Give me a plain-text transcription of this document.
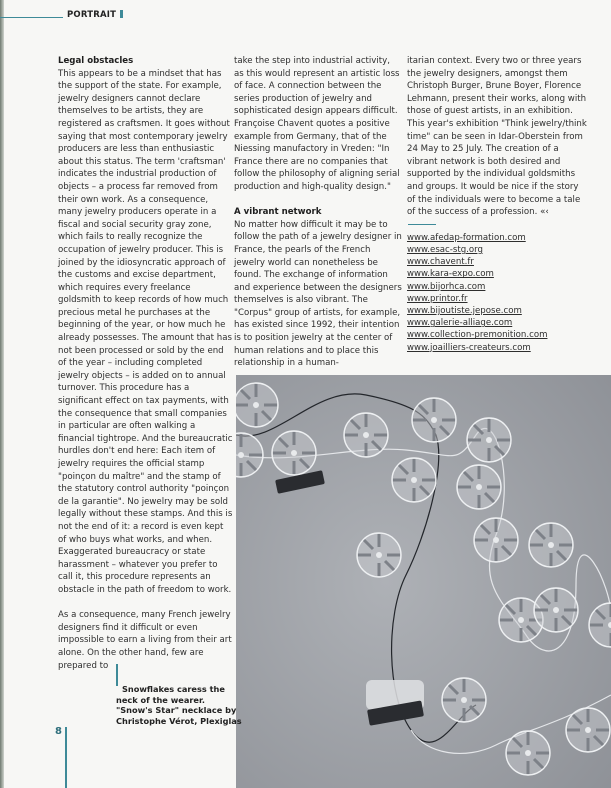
PORTRAIT

Legal obstacles

This appears to be a mindset that has the support of the state. For example, jewelry designers cannot declare themselves to be artists, they are registered as craftsmen. It goes without saying that most contemporary jewelry producers are less than enthusiastic about this status. The term 'craftsman' indicates the industrial production of objects – a process far removed from their own work. As a consequence, many jewelry producers operate in a fiscal and social security gray zone, which fails to really recognize the occupation of jewelry producer. This is joined by the idiosyncratic approach of the customs and excise department, which requires every freelance goldsmith to keep records of how much precious metal he purchases at the beginning of the year, or how much he already possesses. The amount that has not been processed or sold by the end of the year – including completed jewelry objects – is added on to annual turnover. This procedure has a significant effect on tax payments, with the consequence that small companies in particular are often walking a financial tightrope. And the bureaucratic hurdles don't end here: Each item of jewelry requires the official stamp "poinçon du maître" and the stamp of the statutory control authority "poinçon de la garantie". No jewelry may be sold legally without these stamps. And this is not the end of it: a record is even kept of who buys what works, and when. Exaggerated bureaucracy or state harassment – whatever you prefer to call it, this procedure represents an obstacle in the path of freedom to work.

As a consequence, many French jewelry designers find it difficult or even impossible to earn a living from their art alone. On the other hand, few are prepared to

take the step into industrial activity, as this would represent an artistic loss of face. A connection between the series production of jewelry and sophisticated design appears difficult. Françoise Chavent quotes a positive example from Germany, that of the Niessing manufactory in Vreden: "In France there are no companies that follow the philosophy of aligning serial production and high-quality design."

A vibrant network

No matter how difficult it may be to follow the path of a jewelry designer in France, the pearls of the French jewelry world can nonetheless be found. The exchange of information and experience between the designers themselves is also vibrant. The "Corpus" group of artists, for example, has existed since 1992, their intention is to position jewelry at the center of human relations and to place this relationship in a human-

itarian context. Every two or three years the jewelry designers, amongst them Christoph Burger, Brune Boyer, Florence Lehmann, present their works, along with those of guest artists, in an exhibition. This year's exhibition "Think jewelry/think time" can be seen in Idar-Oberstein from 24 May to 25 July. The creation of a vibrant network is both desired and supported by the individual goldsmiths and groups. It would be nice if the story of the individuals were to become a tale of the success of a profession. «‹

www.afedap-formation.com
www.esac-stg.org
www.chavent.fr
www.kara-expo.com
www.bijorhca.com
www.printor.fr
www.bijoutiste.jepose.com
www.galerie-alliage.com
www.collection-premonition.com
www.joailliers-createurs.com
Snowflakes caress the
neck of the wearer.
"Snow's Star" necklace by
Christophe Vérot, Plexiglas
8
